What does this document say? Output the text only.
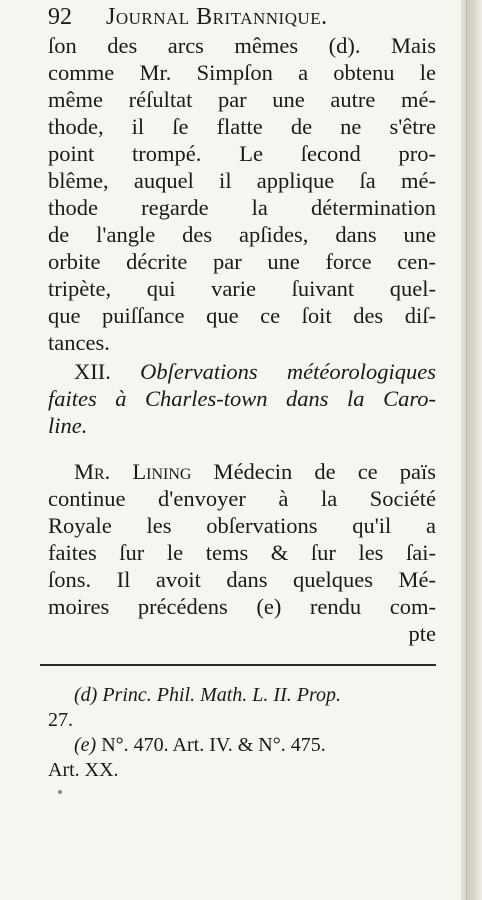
92 Journal Britannique.
ſon des arcs mêmes (d). Mais
comme Mr. Simpſon a obtenu le
même réſultat par une autre mé-
thode, il ſe flatte de ne s'être
point trompé. Le ſecond pro-
blême, auquel il applique ſa mé-
thode regarde la détermination
de l'angle des apſides, dans une
orbite décrite par une force cen-
tripète, qui varie ſuivant quel-
que puiſſance que ce ſoit des diſ-
tances.
XII. Obſervations météorologiques
faites à Charles-town dans la Caro-
line.
Mr. Lining Médecin de ce païs
continue d'envoyer à la Société
Royale les obſervations qu'il a
faites ſur le tems & ſur les ſai-
ſons. Il avoit dans quelques Mé-
moires précédens (e) rendu com-
pte
(d) Princ. Phil. Math. L. II. Prop.
27.
(e) N°. 470. Art. IV. & N°. 475.
Art. XX.
